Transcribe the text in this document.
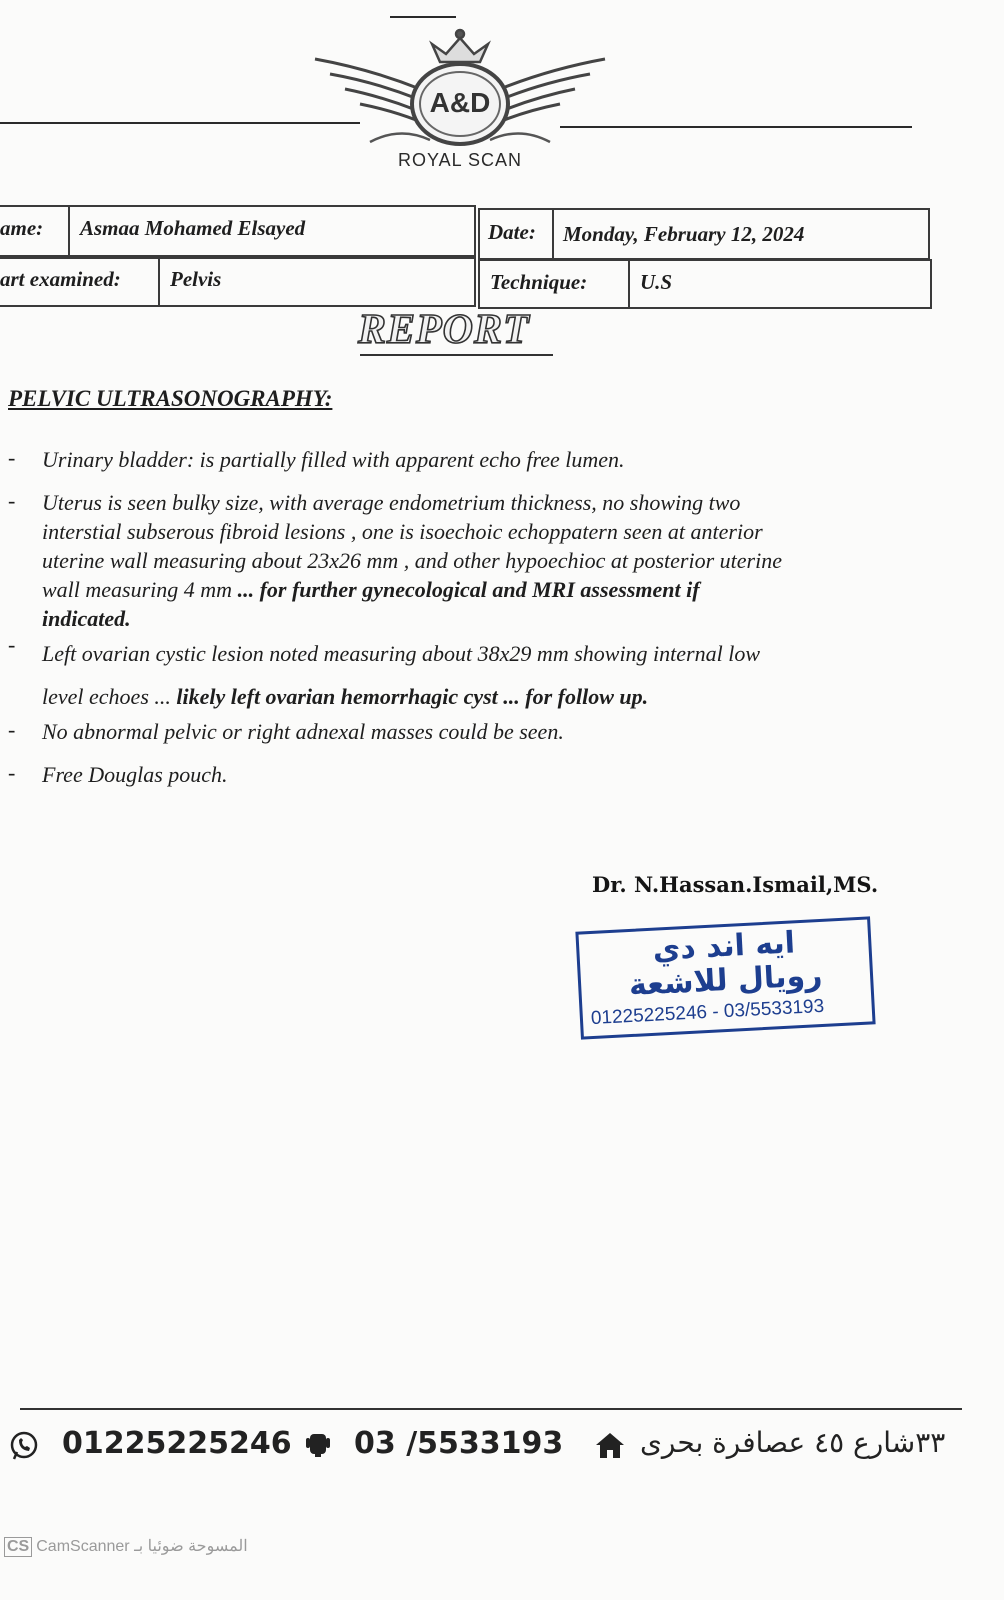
A&D
ROYAL SCAN
ame: Asmaa Mohamed Elsayed	Date: Monday, February 12, 2024
art examined: Pelvis	Technique:	U.S
REPORT
PELVIC ULTRASONOGRAPHY:
- Urinary bladder: is partially filled with apparent echo free lumen.
- Uterus is seen bulky size, with average endometrium thickness, no showing two
interstial subserous fibroid lesions , one is isoechoic echoppatern seen at anterior
uterine wall measuring about 23x26 mm , and other hypoechioc at posterior uterine
wall measuring 4 mm ... for further gynecological and MRI assessment if
indicated.
- Left ovarian cystic lesion noted measuring about 38x29 mm showing internal low
level echoes ... likely left ovarian hemorrhagic cyst ... for follow up.
- No abnormal pelvic or right adnexal masses could be seen.
- Free Douglas pouch.
Dr. N.Hassan.Ismail,MS.
ايه اند دي
رويال للاشعة
01225225246 - 03/5533193
01225225246 03 /5533193	٣٣شارع ٤٥ عصافرة بحرى
CS CamScanner المسوحة ضوئيا بـ
